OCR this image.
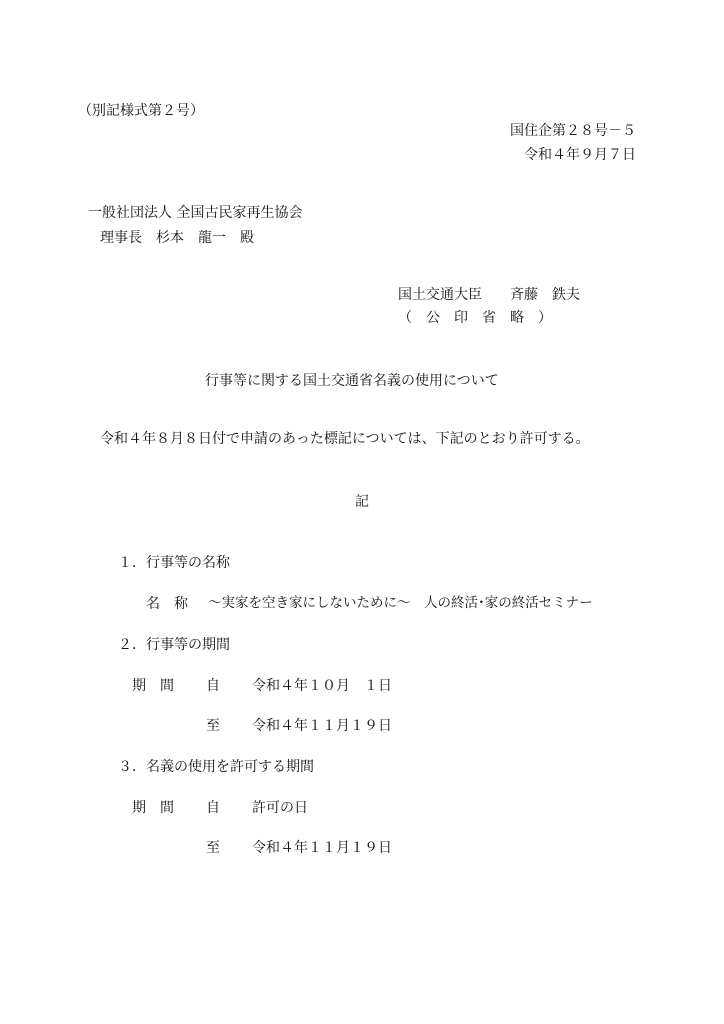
（別記様式第２号）
国住企第２８号－５
令和４年９月７日
一般社団法人 全国古民家再生協会
理事長　杉本　龍一　殿
国土交通大臣　　斉藤　鉄夫
（　公　印　省　略　）
行事等に関する国土交通省名義の使用について
令和４年８月８日付で申請のあった標記については、下記のとおり許可する。
記
１．行事等の名称
名　称 ～実家を空き家にしないために～　人の終活･家の終活セミナー
２．行事等の期間
期　間 自 令和４年１０月　１日
至 令和４年１１月１９日
３．名義の使用を許可する期間
期　間 自 許可の日
至 令和４年１１月１９日
